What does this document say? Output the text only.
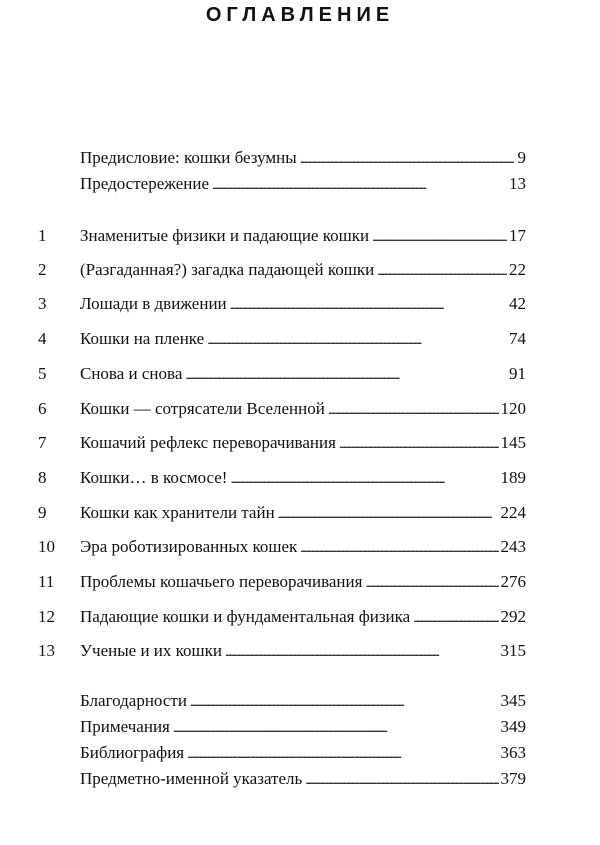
ОГЛАВЛЕНИЕ
Предисловие: кошки безумны . . .	9
Предостережение . . .	13
1 Знаменитые физики и падающие кошки . . .	17
2 (Разгаданная?) загадка падающей кошки . . .	22
3 Лошади в движении . . .	42
4 Кошки на пленке . . .	74
5 Снова и снова . . .	91
6 Кошки — сотрясатели Вселенной . . .	120
7 Кошачий рефлекс переворачивания . . .	145
8 Кошки… в космосе! . . .	189
9 Кошки как хранители тайн . . .	224
10 Эра роботизированных кошек . . .	243
11 Проблемы кошачьего переворачивания . . .	276
12 Падающие кошки и фундаментальная физика . . .	292
13 Ученые и их кошки . . .	315
Благодарности . . .	345
Примечания . . .	349
Библиография . . .	363
Предметно-именной указатель . . .	379
